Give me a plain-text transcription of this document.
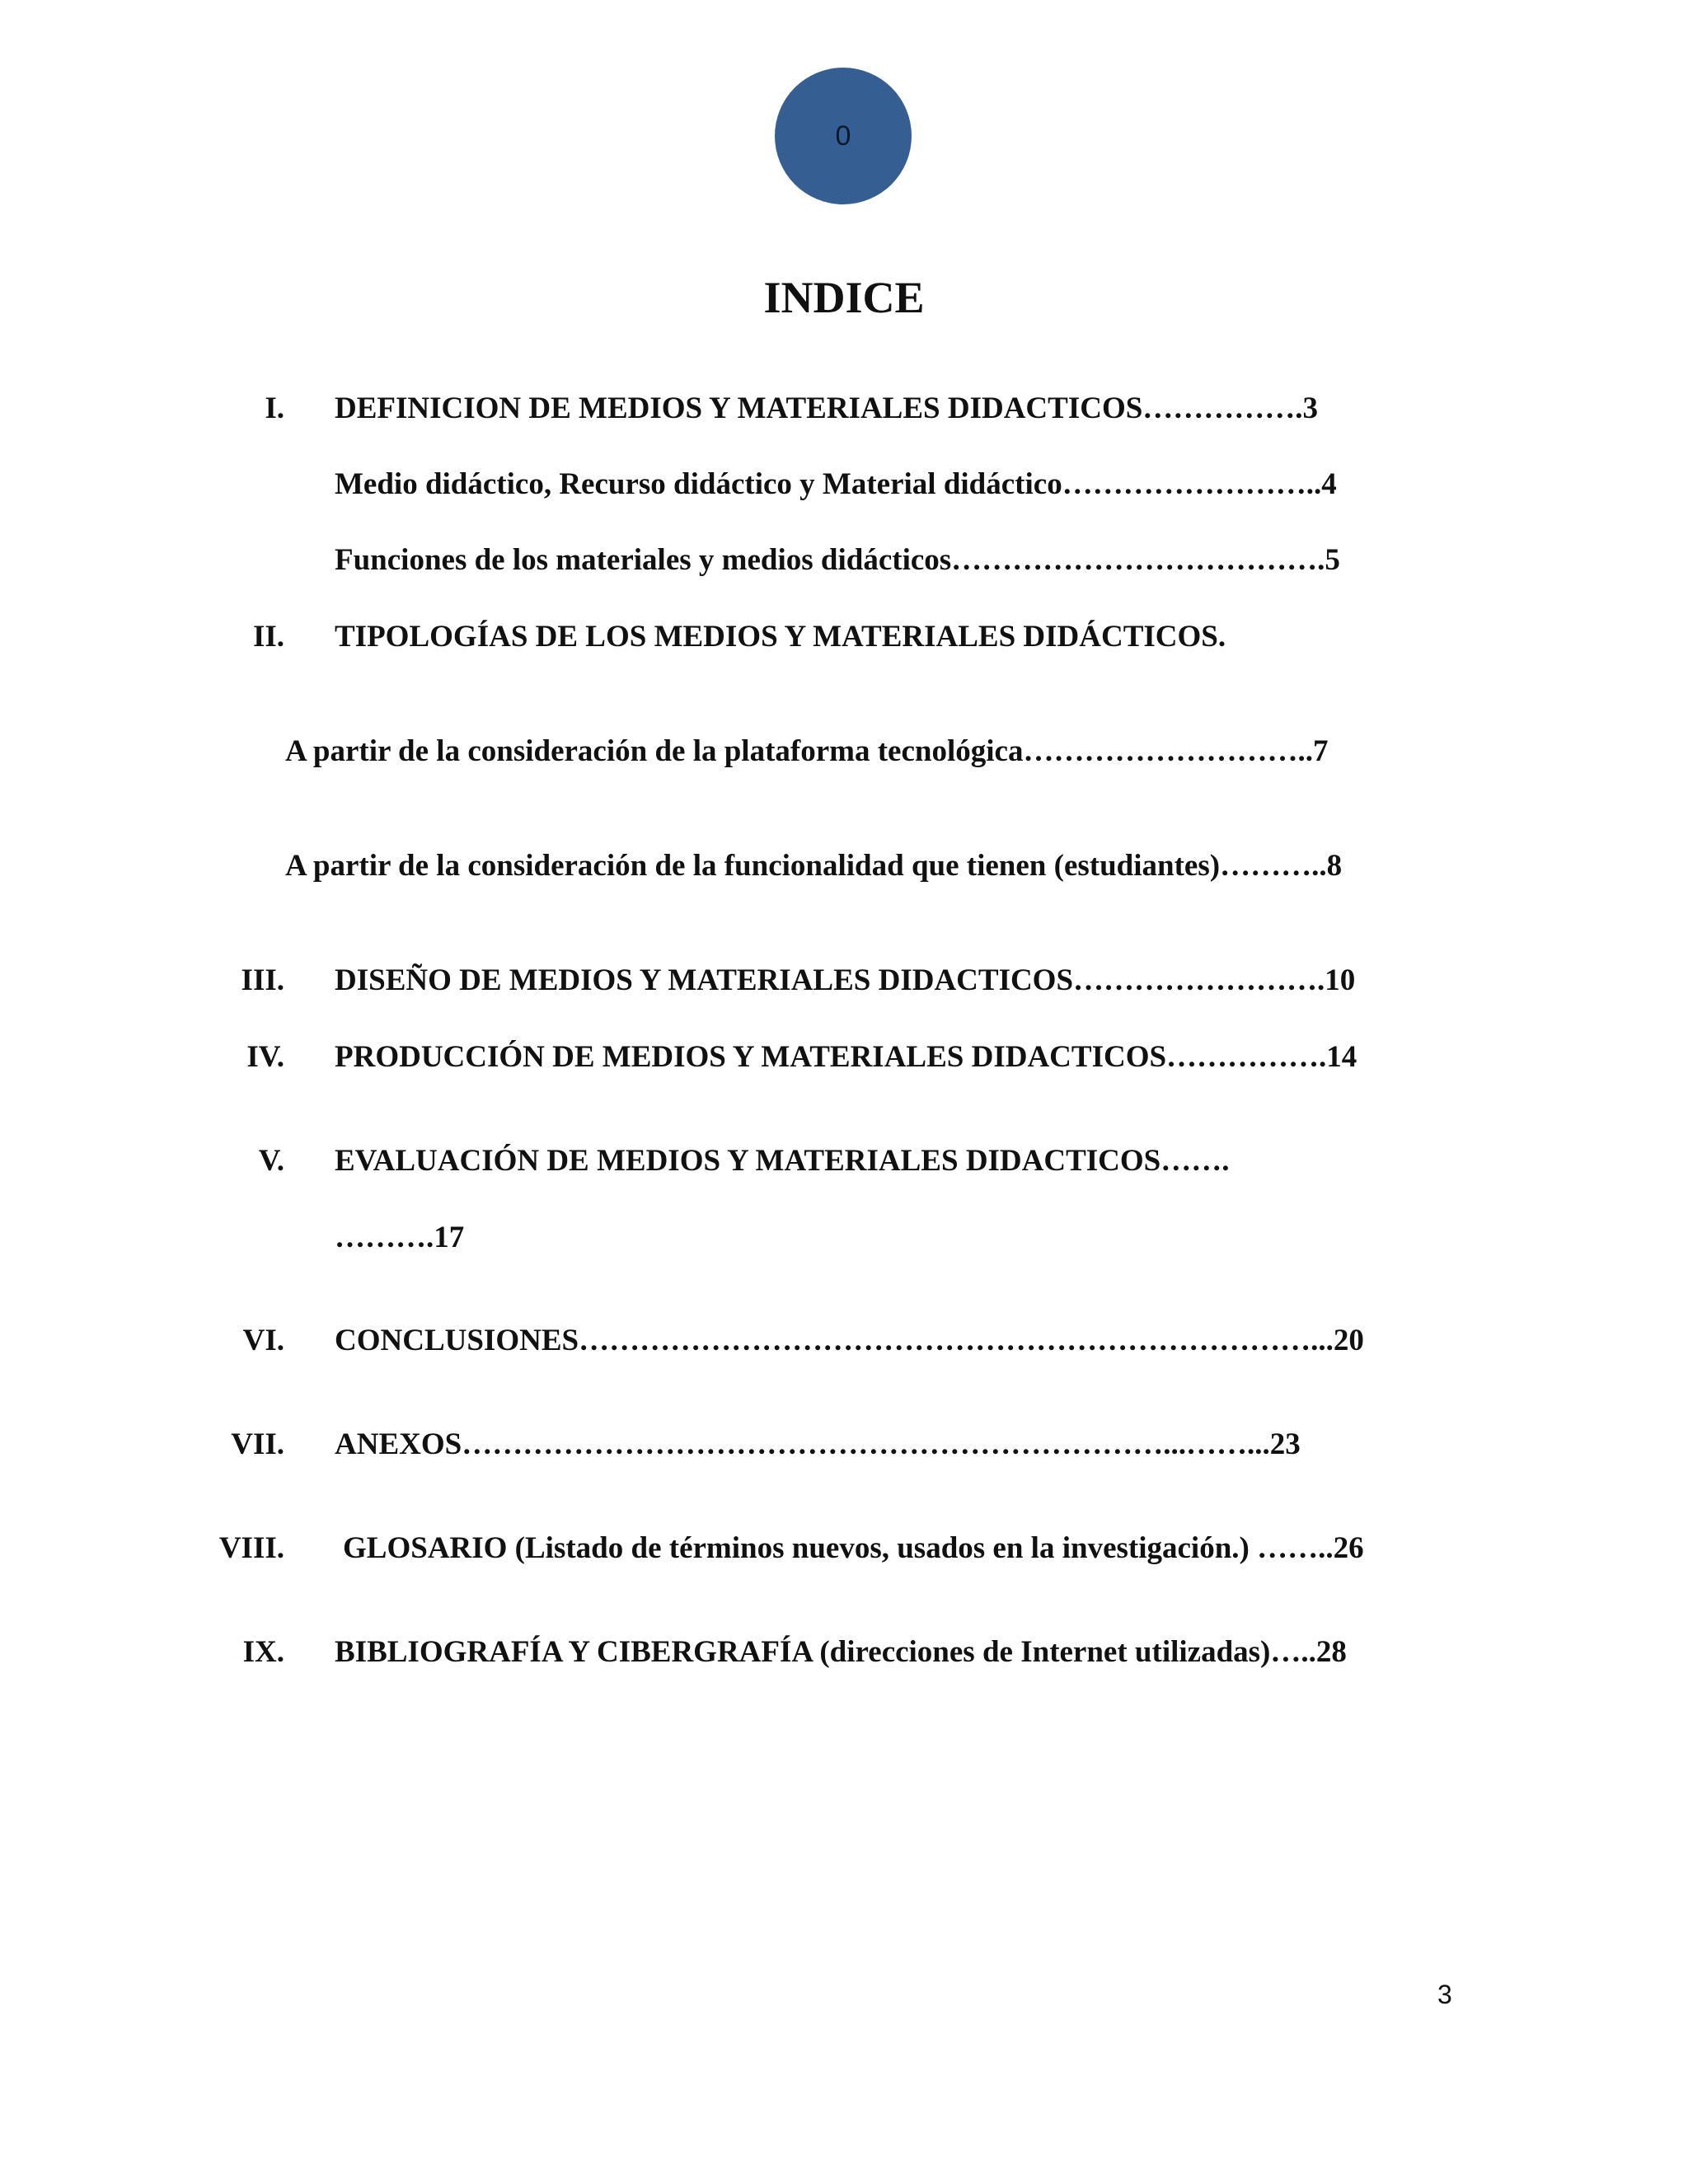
0
INDICE
I. DEFINICION DE MEDIOS Y MATERIALES DIDACTICOS…………….3
Medio didáctico, Recurso didáctico y Material didáctico……………………..4
Funciones de los materiales y medios didácticos……………………………….5
II. TIPOLOGÍAS DE LOS MEDIOS Y MATERIALES DIDÁCTICOS.
A partir de la consideración de la plataforma tecnológica………………………..7
A partir de la consideración de la funcionalidad que tienen (estudiantes)………..8
III. DISEÑO DE MEDIOS Y MATERIALES DIDACTICOS…………………….10
IV. PRODUCCIÓN DE MEDIOS Y MATERIALES DIDACTICOS…………….14
V. EVALUACIÓN DE MEDIOS Y MATERIALES DIDACTICOS…….
……….17
VI. CONCLUSIONES………………………………………………………………...20
VII. ANEXOS……………………………………………………………...……...23
VIII. GLOSARIO (Listado de términos nuevos, usados en la investigación.) ……..26
IX. BIBLIOGRAFÍA Y CIBERGRAFÍA (direcciones de Internet utilizadas)…..28
3
